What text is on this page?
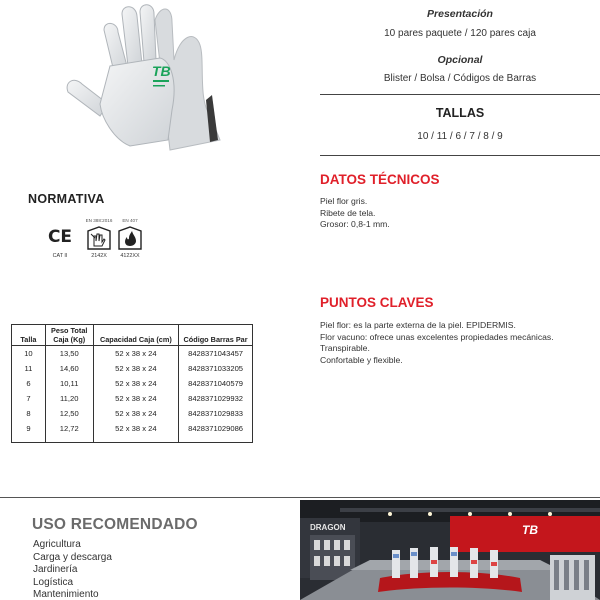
TB
Presentación
10 pares paquete / 120 pares caja
Opcional
Blister / Bolsa / Códigos de Barras
TALLAS
10 / 11 / 6 / 7 / 8 / 9
DATOS TÉCNICOS
Piel flor gris.
Ribete de tela.
Grosor: 0,8-1 mm.
PUNTOS CLAVES
Piel flor: es la parte externa de la piel. EPIDERMIS.
Flor vacuno: ofrece unas excelentes propiedades mecánicas.
Transpirable.
Confortable y flexible.
NORMATIVA
CE
CAT II
EN 388:2016
2142X
EN 407
4122XX
Talla	Peso Total Caja (Kg)	Capacidad Caja (cm)	Código Barras Par
10	13,50	52 x 38 x 24	8428371043457
11	14,60	52 x 38 x 24	8428371033205
6	10,11	52 x 38 x 24	8428371040579
7	11,20	52 x 38 x 24	8428371029932
8	12,50	52 x 38 x 24	8428371029833
9	12,72	52 x 38 x 24	8428371029086
USO RECOMENDADO
Agricultura
Carga y descarga
Jardinería
Logística
Mantenimiento
DRAGON	TB
